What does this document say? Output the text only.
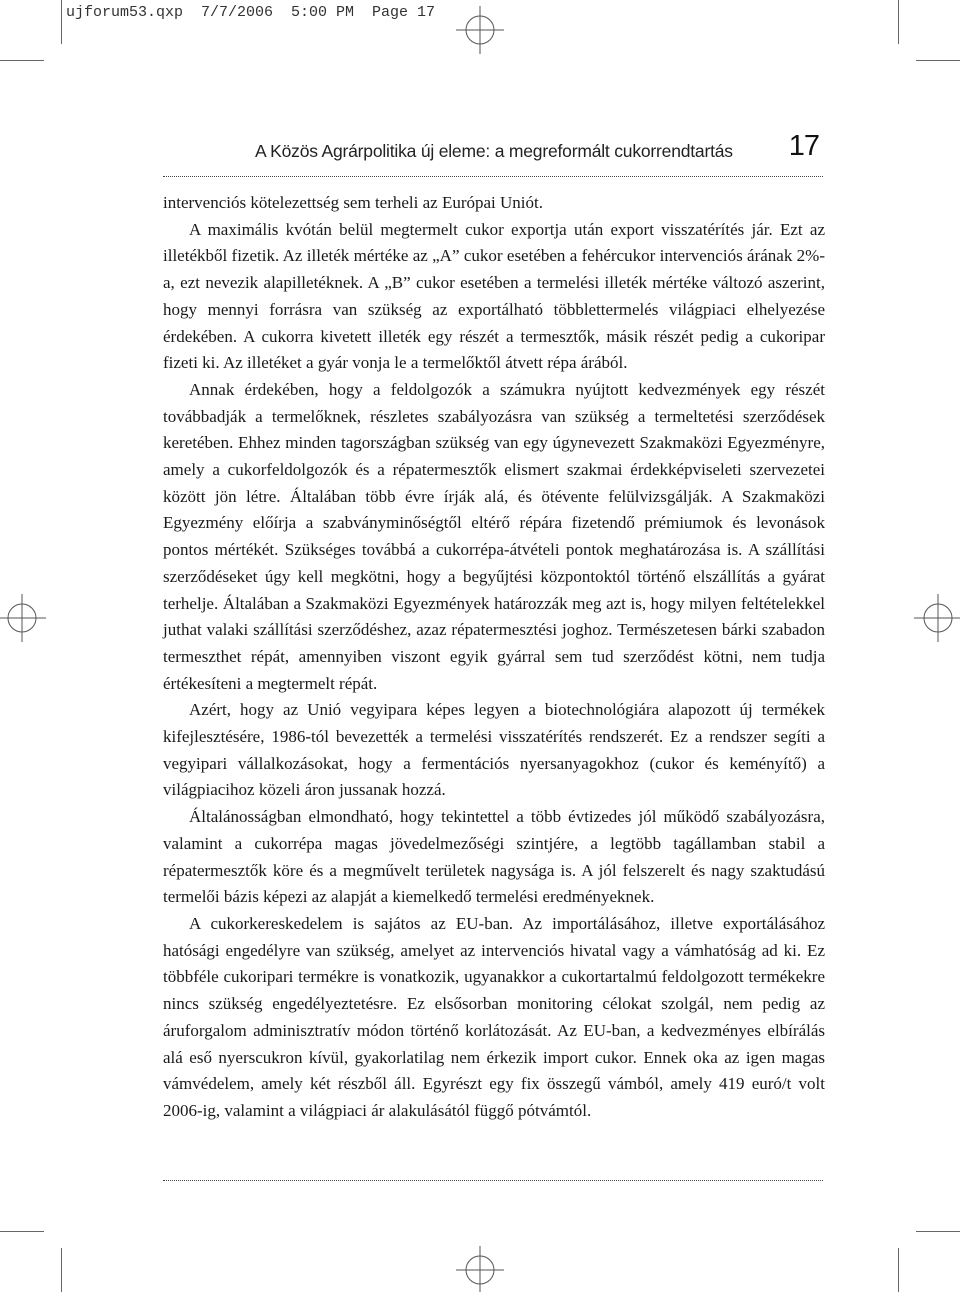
ujforum53.qxp  7/7/2006  5:00 PM  Page 17
A Közös Agrárpolitika új eleme: a megreformált cukorrendtartás 17

intervenciós kötelezettség sem terheli az Európai Uniót.

A maximális kvótán belül megtermelt cukor exportja után export visszatérítés jár. Ezt az illetékből fizetik. Az illeték mértéke az „A” cukor esetében a fehércukor intervenciós árának 2%-a, ezt nevezik alapilletéknek. A „B” cukor esetében a termelési illeték mértéke változó aszerint, hogy mennyi forrásra van szükség az exportálható többlettermelés világpiaci elhelyezése érdekében. A cukorra kivetett illeték egy részét a termesztők, másik részét pedig a cukoripar fizeti ki. Az illetéket a gyár vonja le a termelőktől átvett répa árából.

Annak érdekében, hogy a feldolgozók a számukra nyújtott kedvezmények egy részét továbbadják a termelőknek, részletes szabályozásra van szükség a termeltetési szerződések keretében. Ehhez minden tagországban szükség van egy úgynevezett Szakmaközi Egyezményre, amely a cukorfeldolgozók és a répatermesztők elismert szakmai érdekképviseleti szervezetei között jön létre. Általában több évre írják alá, és ötévente felülvizsgálják. A Szakmaközi Egyezmény előírja a szabványminőségtől eltérő répára fizetendő prémiumok és levonások pontos mértékét. Szükséges továbbá a cukorrépa-átvételi pontok meghatározása is. A szállítási szerződéseket úgy kell megkötni, hogy a begyűjtési központoktól történő elszállítás a gyárat terhelje. Általában a Szakmaközi Egyezmények határozzák meg azt is, hogy milyen feltételekkel juthat valaki szállítási szerződéshez, azaz répatermesztési joghoz. Természetesen bárki szabadon termeszthet répát, amennyiben viszont egyik gyárral sem tud szerződést kötni, nem tudja értékesíteni a megtermelt répát.

Azért, hogy az Unió vegyipara képes legyen a biotechnológiára alapozott új termékek kifejlesztésére, 1986-tól bevezették a termelési visszatérítés rendszerét. Ez a rendszer segíti a vegyipari vállalkozásokat, hogy a fermentációs nyersanyagokhoz (cukor és keményítő) a világpiacihoz közeli áron jussanak hozzá.

Általánosságban elmondható, hogy tekintettel a több évtizedes jól működő szabályozásra, valamint a cukorrépa magas jövedelmezőségi szintjére, a legtöbb tagállamban stabil a répatermesztők köre és a megművelt területek nagysága is. A jól felszerelt és nagy szaktudású termelői bázis képezi az alapját a kiemelkedő termelési eredményeknek.

A cukorkereskedelem is sajátos az EU-ban. Az importálásához, illetve exportálásához hatósági engedélyre van szükség, amelyet az intervenciós hivatal vagy a vámhatóság ad ki. Ez többféle cukoripari termékre is vonatkozik, ugyanakkor a cukortartalmú feldolgozott termékekre nincs szükség engedélyeztetésre. Ez elsősorban monitoring célokat szolgál, nem pedig az áruforgalom adminisztratív módon történő korlátozását. Az EU-ban, a kedvezményes elbírálás alá eső nyerscukron kívül, gyakorlatilag nem érkezik import cukor. Ennek oka az igen magas vámvédelem, amely két részből áll. Egyrészt egy fix összegű vámból, amely 419 euró/t volt 2006-ig, valamint a világpiaci ár alakulásától függő pótvámtól.
